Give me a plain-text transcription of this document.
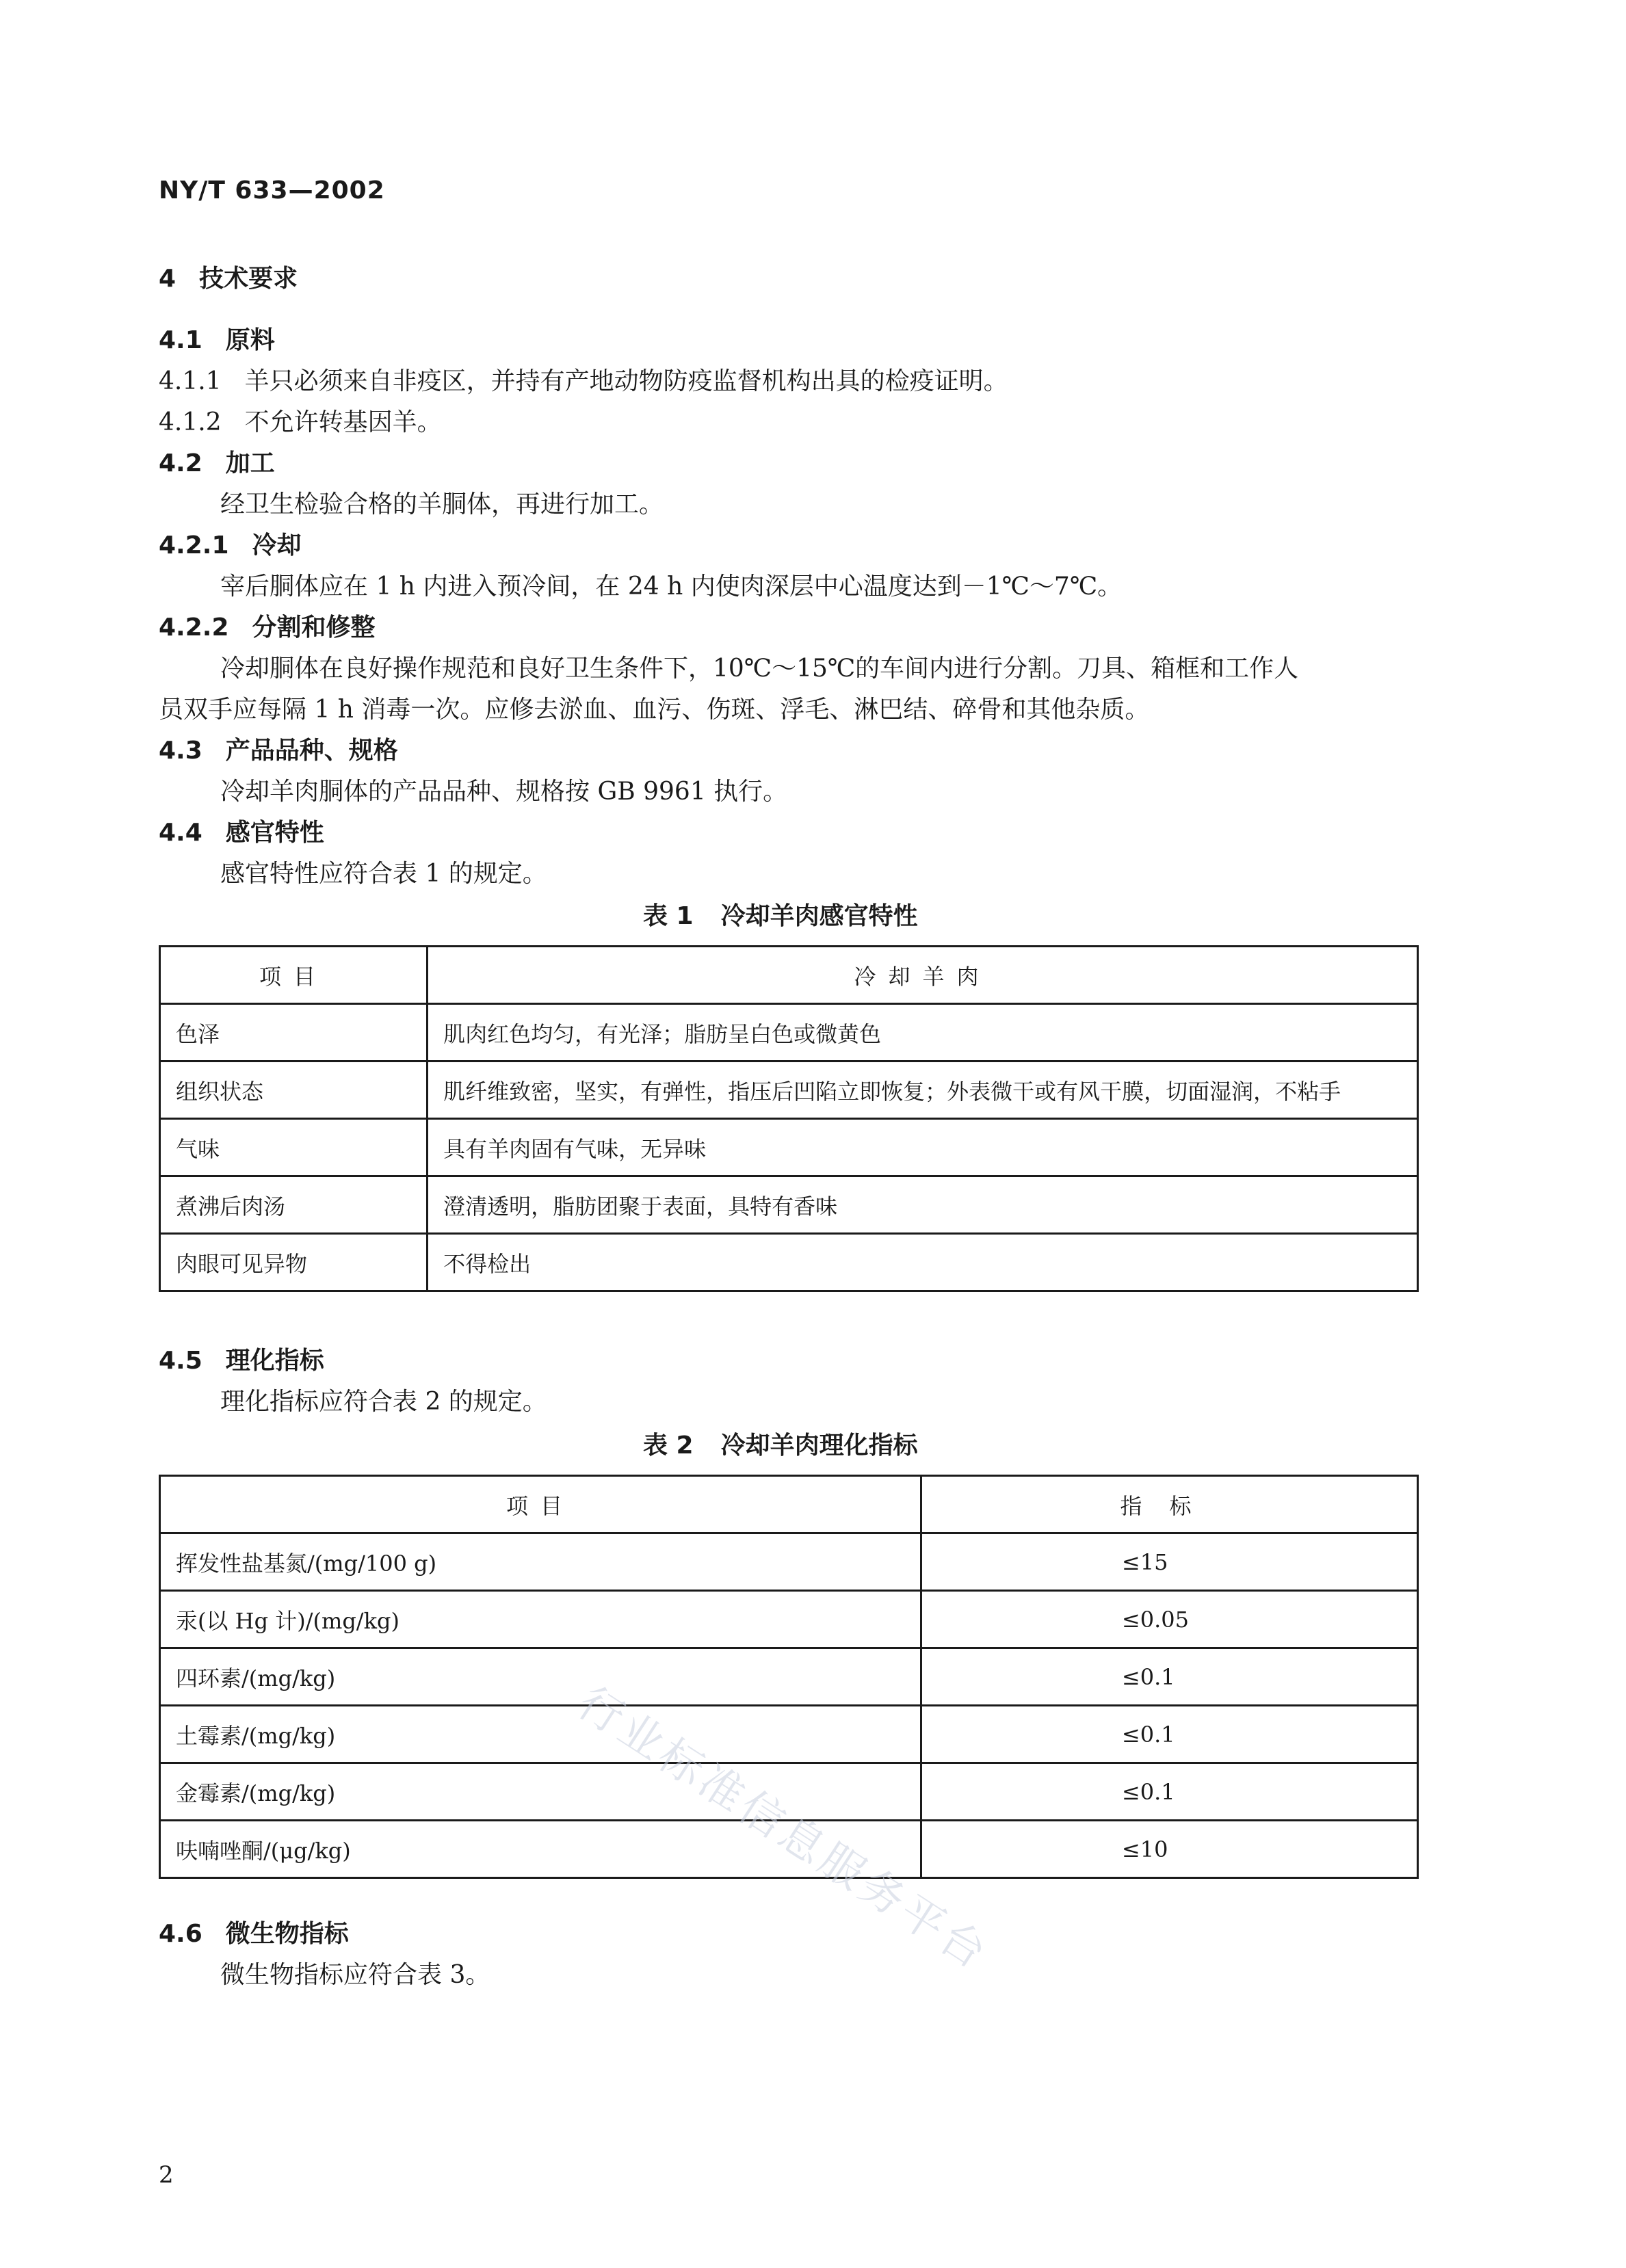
NY/T 633—2002
4 技术要求
4.1 原料
4.1.1 羊只必须来自非疫区，并持有产地动物防疫监督机构出具的检疫证明。
4.1.2 不允许转基因羊。
4.2 加工
经卫生检验合格的羊胴体，再进行加工。
4.2.1 冷却
宰后胴体应在 1 h 内进入预冷间，在 24 h 内使肉深层中心温度达到－1℃～7℃。
4.2.2 分割和修整
冷却胴体在良好操作规范和良好卫生条件下，10℃～15℃的车间内进行分割。刀具、箱框和工作人
员双手应每隔 1 h 消毒一次。应修去淤血、血污、伤斑、浮毛、淋巴结、碎骨和其他杂质。
4.3 产品品种、规格
冷却羊肉胴体的产品品种、规格按 GB 9961 执行。
4.4 感官特性
感官特性应符合表 1 的规定。
表 1 冷却羊肉感官特性
项目	冷却羊肉
色泽	肌肉红色均匀，有光泽；脂肪呈白色或微黄色
组织状态	肌纤维致密，坚实，有弹性，指压后凹陷立即恢复；外表微干或有风干膜，切面湿润，不粘手
气味	具有羊肉固有气味，无异味
煮沸后肉汤	澄清透明，脂肪团聚于表面，具特有香味
肉眼可见异物	不得检出
4.5 理化指标
理化指标应符合表 2 的规定。
表 2 冷却羊肉理化指标
项目	指标
挥发性盐基氮/(mg/100 g)	≤15
汞(以 Hg 计)/(mg/kg)	≤0.05
四环素/(mg/kg)	≤0.1
土霉素/(mg/kg)	≤0.1
金霉素/(mg/kg)	≤0.1
呋喃唑酮/(μg/kg)	≤10
4.6 微生物指标
微生物指标应符合表 3。 行业标准信息服务平台
2
